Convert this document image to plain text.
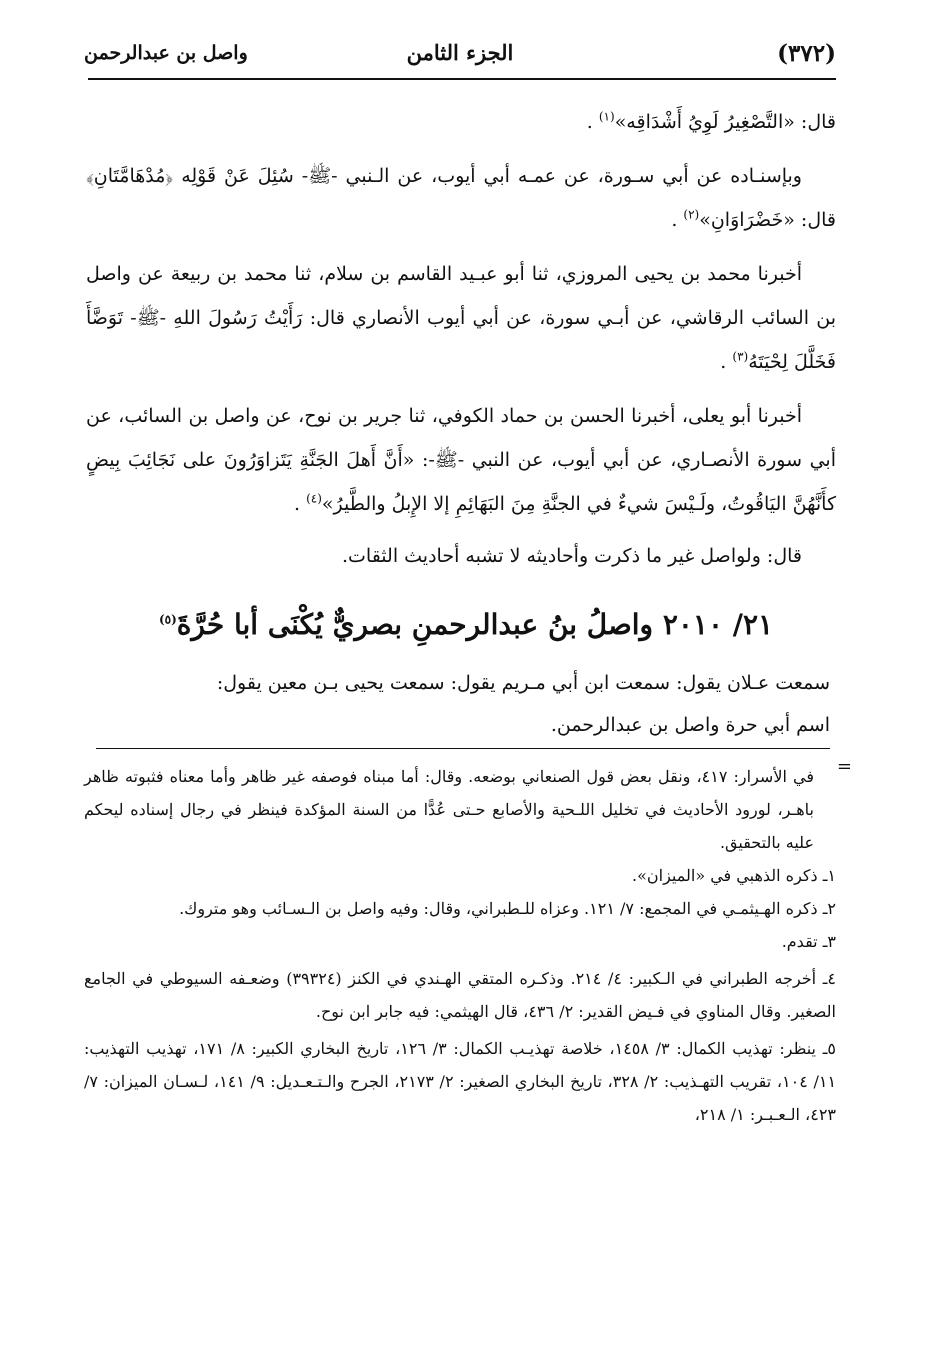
(٣٧٢)
الجزء الثامن
واصل بن عبدالرحمن

قال: «التَّصْغِيرُ لَوِيُ أَشْدَاقِه»$^{(١)}$ .

وبإسنـاده عن أبي سـورة، عن عمـه أبي أيوب، عن الـنبي -ﷺ- سُئِلَ عَنْ قَوْلِه ﴿مُدْهَامَّتَانِ﴾ قال: «خَضْرَاوَانِ»$^{(٢)}$ .

أخبرنا محمد بن يحيى المروزي، ثنا أبو عبـيد القاسم بن سلام، ثنا محمد بن ربيعة عن واصل بن السائب الرقاشي، عن أبـي سورة، عن أبي أيوب الأنصاري قال: رَأَيْتُ رَسُولَ اللهِ -ﷺ- تَوَضَّأَ فَخَلَّلَ لِحْيَتَهُ$^{(٣)}$ .

أخبرنا أبو يعلى، أخبرنا الحسن بن حماد الكوفي، ثنا جرير بن نوح، عن واصل بن السائب، عن أبي سورة الأنصـاري، عن أبي أيوب، عن النبي -ﷺ-: «أَنَّ أَهلَ الجَنَّةِ يَتَزاوَرُونَ على نَجَائِبَ بِيضٍ كأَنَّهُنَّ اليَاقُوتُ، ولَـيْسَ شيءٌ في الجنَّةِ مِنَ البَهَائِمِ إلا الإِبلُ والطَّيرُ»$^{(٤)}$ .

قال: ولواصل غير ما ذكرت وأحاديثه لا تشبه أحاديث الثقات.

٢١/ ٢٠١٠ واصلُ بنُ عبدالرحمنِ بصريٌّ يُكْنَى أبا حُرَّةَ$^{(٥)}$

سمعت عـلان يقول: سمعت ابن أبي مـريم يقول: سمعت يحيى بـن معين يقول:

اسم أبي حرة واصل بن عبدالرحمن.

=

في الأسرار: ٤١٧، ونقل بعض قول الصنعاني بوضعه. وقال: أما مبناه فوصفه غير ظاهر وأما معناه فثبوته ظاهر باهـر، لورود الأحاديث في تخليل اللـحية والأصابع حـتى عُدًّا من السنة المؤكدة فينظر في رجال إسناده ليحكم عليه بالتحقيق.

١ـ ذكره الذهبي في «الميزان».

٢ـ ذكره الهـيثمـي في المجمع: ٧/ ١٢١. وعزاه للـطبراني، وقال: وفيه واصل بن الـسـائب وهو متروك.

٣ـ تقدم.

٤ـ أخرجه الطبراني في الـكبير: ٤/ ٢١٤. وذكـره المتقي الهـندي في الكنز (٣٩٣٢٤) وضعـفه السيوطي في الجامع الصغير. وقال المناوي في فـيض القدير: ٢/ ٤٣٦، قال الهيثمي: فيه جابر ابن نوح.

٥ـ ينظر: تهذيب الكمال: ٣/ ١٤٥٨، خلاصة تهذيـب الكمال: ٣/ ١٢٦، تاريخ البخاري الكبير: ٨/ ١٧١، تهذيب التهذيب: ١١/ ١٠٤، تقريب التهـذيب: ٢/ ٣٢٨، تاريخ البخاري الصغير: ٢/ ٢١٧٣، الجرح والـتـعـديل: ٩/ ١٤١، لـسـان الميزان: ٧/ ٤٢٣، الـعـبـر: ١/ ٢١٨،
